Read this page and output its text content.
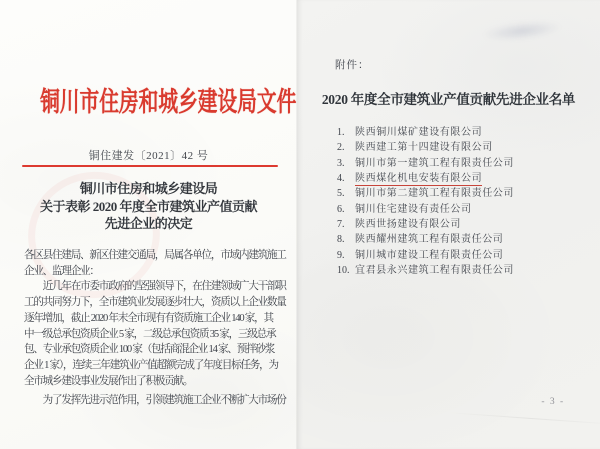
铜川市住房和城乡建设局文件
铜住建发〔2021〕42 号
铜川市住房和城乡建设局
关于表彰 2020 年度全市建筑业产值贡献
先进企业的决定
各区县住建局、新区住建交通局，局属各单位，市域内建筑施工
企业、监理企业：
　　近几年在市委市政府的坚强领导下，在住建领域广大干部职
工的共同努力下，全市建筑业发展逐步壮大，资质以上企业数量
逐年增加，截止 2020 年末全市现有有资质施工企业 140 家，其
中一级总承包资质企业 5 家，二级总承包资质 35 家，三级总承
包、专业承包资质企业 100 家（包括商混企业 14 家、预拌砂浆
企业 1 家），连续三年建筑业产值超额完成了年度目标任务，为
全市城乡建设事业发展作出了积极贡献。
　　为了发挥先进示范作用，引领建筑施工企业不断扩大市场份
附件：
2020 年度全市建筑业产值贡献先进企业名单
1.	陕西铜川煤矿建设有限公司
2.	陕西建工第十四建设有限公司
3.	铜川市第一建筑工程有限责任公司
4.	陕西煤化机电安装有限公司
5.	铜川市第二建筑工程有限责任公司
6.	铜川住宅建设有责任公司
7.	陕西世扬建设有限公司
8.	陕西耀州建筑工程有限责任公司
9.	铜川城市建设工程有限责任公司
10. 宜君县永兴建筑工程有限责任公司
- 3 -
